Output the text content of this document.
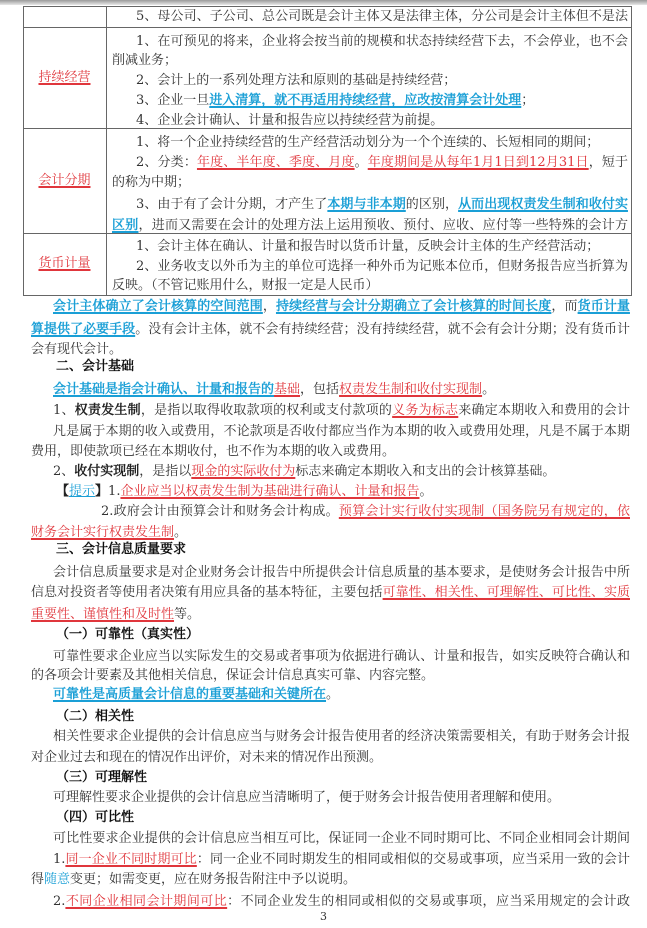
5、母公司、子公司、总公司既是会计主体又是法律主体，分公司是会计主体但不是法
持续经营
1、在可预见的将来，企业将会按当前的规模和状态持续经营下去，不会停业，也不会
削减业务；
2、会计上的一系列处理方法和原则的基础是持续经营；
3、企业一旦进入清算，就不再适用持续经营，应改按清算会计处理；
4、企业会计确认、计量和报告应以持续经营为前提。
会计分期
1、将一个企业持续经营的生产经营活动划分为一个个连续的、长短相同的期间；
2、分类：年度、半年度、季度、月度。年度期间是从每年1月1日到12月31日，短于
的称为中期；
3、由于有了会计分期，才产生了本期与非本期的区别，从而出现权责发生制和收付实
区别，进而又需要在会计的处理方法上运用预收、预付、应收、应付等一些特殊的会计方
货币计量
1、会计主体在确认、计量和报告时以货币计量，反映会计主体的生产经营活动；
2、业务收支以外币为主的单位可选择一种外币为记账本位币，但财务报告应当折算为
反映。（不管记账用什么，财报一定是人民币）
会计主体确立了会计核算的空间范围，持续经营与会计分期确立了会计核算的时间长度，而货币计量
算提供了必要手段。没有会计主体，就不会有持续经营；没有持续经营，就不会有会计分期；没有货币计
会有现代会计。
二、会计基础
会计基础是指会计确认、计量和报告的基础，包括权责发生制和收付实现制。
1、权责发生制，是指以取得收取款项的权利或支付款项的义务为标志来确定本期收入和费用的会计
凡是属于本期的收入或费用，不论款项是否收付都应当作为本期的收入或费用处理，凡是不属于本期
费用，即使款项已经在本期收付，也不作为本期的收入或费用。
2、收付实现制，是指以现金的实际收付为标志来确定本期收入和支出的会计核算基础。
【提示】1.企业应当以权责发生制为基础进行确认、计量和报告。
2.政府会计由预算会计和财务会计构成。预算会计实行收付实现制（国务院另有规定的，依
财务会计实行权责发生制。
三、会计信息质量要求
会计信息质量要求是对企业财务会计报告中所提供会计信息质量的基本要求，是使财务会计报告中所
信息对投资者等使用者决策有用应具备的基本特征，主要包括可靠性、相关性、可理解性、可比性、实质
重要性、谨慎性和及时性等。
（一）可靠性（真实性）
可靠性要求企业应当以实际发生的交易或者事项为依据进行确认、计量和报告，如实反映符合确认和
的各项会计要素及其他相关信息，保证会计信息真实可靠、内容完整。
可靠性是高质量会计信息的重要基础和关键所在。
（二）相关性
相关性要求企业提供的会计信息应当与财务会计报告使用者的经济决策需要相关，有助于财务会计报
对企业过去和现在的情况作出评价，对未来的情况作出预测。
（三）可理解性
可理解性要求企业提供的会计信息应当清晰明了，便于财务会计报告使用者理解和使用。
（四）可比性
可比性要求企业提供的会计信息应当相互可比，保证同一企业不同时期可比、不同企业相同会计期间
1.同一企业不同时期可比：同一企业不同时期发生的相同或相似的交易或事项，应当采用一致的会计
得随意变更；如需变更，应在财务报告附注中予以说明。
2.不同企业相同会计期间可比：不同企业发生的相同或相似的交易或事项，应当采用规定的会计政
3
